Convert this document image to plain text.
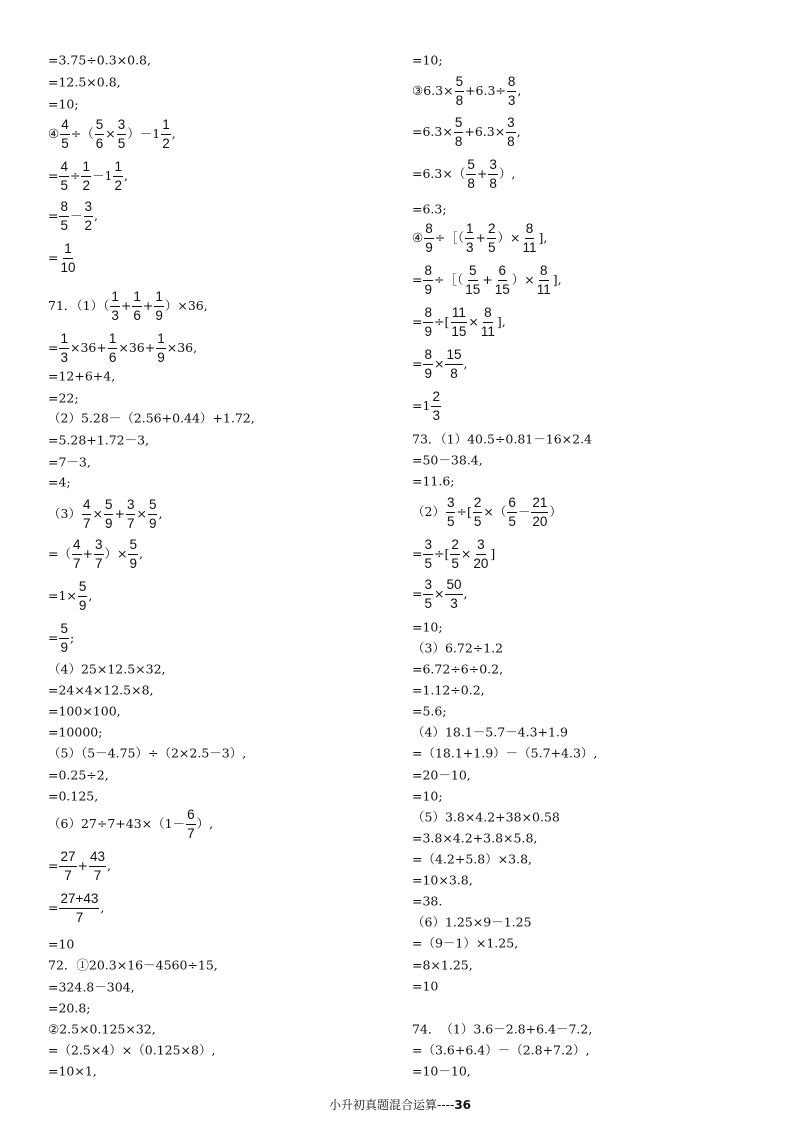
=3.75÷0.3×0.8,
=12.5×0.8,
=10;
④ $\frac{4}{5}$ ÷（ $\frac{5}{6} \times \frac{3}{5} )-1 \frac{1}{2}$ ,
= $\frac{4}{5} \div \frac{1}{2} -1 \frac{1}{2}$ ,
= $\frac{8}{5} - \frac{3}{2}$ ,
= $\frac{1}{10}$
71．$(1)( \frac{1}{3} + \frac{1}{6} + \frac{1}{9} )\times 36$,
= $\frac{1}{3} \times 36+ \frac{1}{6} \times 36+ \frac{1}{9} \times 36$,
=12+6+4,
=22;
（2）5.28－（2.56+0.44）+1.72,
=5.28+1.72－3,
=7－3,
=4;
$(3) \frac{4}{7} \times \frac{5}{9} + \frac{3}{7} \times \frac{5}{9}$ ,
=（ $\frac{4}{7} + \frac{3}{7}$ ）× $\frac{5}{9}$ ,
$=1\times \frac{5}{9}$ ,
= $\frac{5}{9}$ ;
（4）25×12.5×32,
=24×4×12.5×8,
=100×100,
=10000;
（5）（5－4.75）÷（2×2.5－3）,
=0.25÷2,
=0.125,
$(6)27\div 7+43\times(1- \frac{6}{7}$ ）,
= $\frac{27}{7} + \frac{43}{7}$ ,
= $\frac{27+43}{7}$ ,
=10
72．①20.3×16－4560÷15,
=324.8－304,
=20.8;
②2.5×0.125×32,
=（2.5×4）×（0.125×8）,
=10×1,
=10;
③6.3× $\frac{5}{8} +6.3\div \frac{8}{3}$ ,
$=6.3\times \frac{5}{8} +6.3\times \frac{3}{8}$ ,
$=6.3\times( \frac{5}{8} + \frac{3}{8}$ ）,
=6.3;
④ $\frac{8}{9}$ ÷［（ $\frac{1}{3} + \frac{2}{5}$ ）× $\frac{8}{11}$ ],
= $\frac{8}{9}$ ÷［（ $\frac{5}{15} + \frac{6}{15}$ ）× $\frac{8}{11}$ ],
= $\frac{8}{9}$ ÷[ $\frac{11}{15} \times \frac{8}{11}$ ],
= $\frac{8}{9} \times \frac{15}{8}$ ,
$=1 \frac{2}{3}$
73．（1）40.5÷0.81－16×2.4
=50－38.4,
=11.6;
$(2) \frac{3}{5}$ ÷[ $\frac{2}{5}$ ×（ $\frac{6}{5} - \frac{21}{20}$ ）
= $\frac{3}{5}$ ÷[ $\frac{2}{5} \times \frac{3}{20}$ ]
= $\frac{3}{5} \times \frac{50}{3}$ ,
=10;
（3）6.72÷1.2
=6.72÷6÷0.2,
=1.12÷0.2,
=5.6;
（4）18.1－5.7－4.3+1.9
=（18.1+1.9）－（5.7+4.3）,
=20－10,
=10;
（5）3.8×4.2+38×0.58
=3.8×4.2+3.8×5.8,
=（4.2+5.8）×3.8,
=10×3.8,
=38.
（6）1.25×9－1.25
=（9－1）×1.25,
=8×1.25,
=10
74．　（1）3.6－2.8+6.4－7.2,
=（3.6+6.4）－（2.8+7.2）,
=10－10,
小升初真题混合运算----36
